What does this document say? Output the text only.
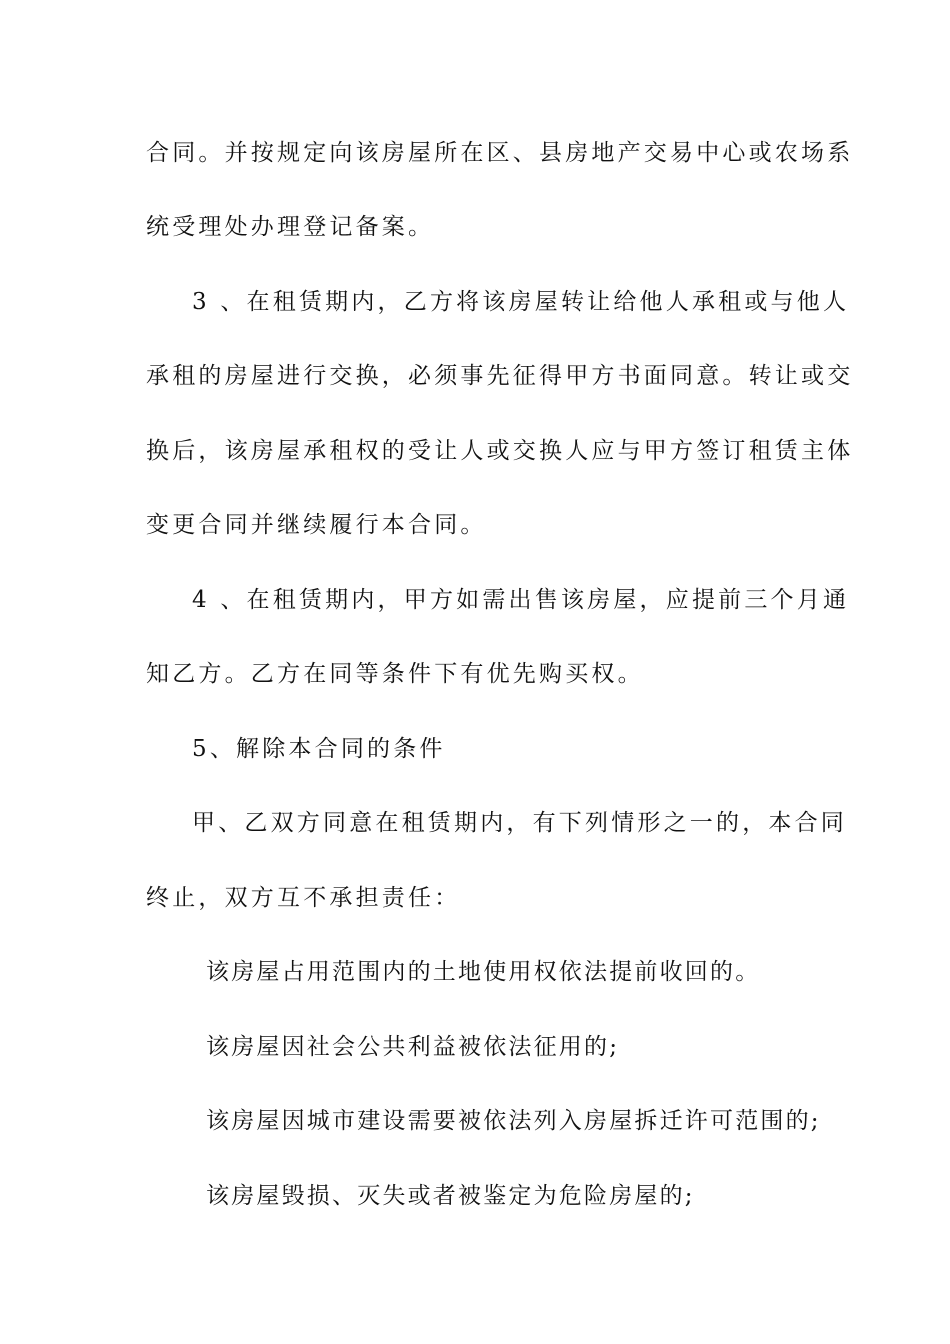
合同。并按规定向该房屋所在区、县房地产交易中心或农场系
统受理处办理登记备案。
3 、在租赁期内，乙方将该房屋转让给他人承租或与他人
承租的房屋进行交换，必须事先征得甲方书面同意。转让或交
换后，该房屋承租权的受让人或交换人应与甲方签订租赁主体
变更合同并继续履行本合同。
4 、在租赁期内，甲方如需出售该房屋，应提前三个月通
知乙方。乙方在同等条件下有优先购买权。
5、解除本合同的条件
甲、乙双方同意在租赁期内，有下列情形之一的，本合同
终止，双方互不承担责任：
该房屋占用范围内的土地使用权依法提前收回的。
该房屋因社会公共利益被依法征用的;
该房屋因城市建设需要被依法列入房屋拆迁许可范围的;
该房屋毁损、灭失或者被鉴定为危险房屋的;
